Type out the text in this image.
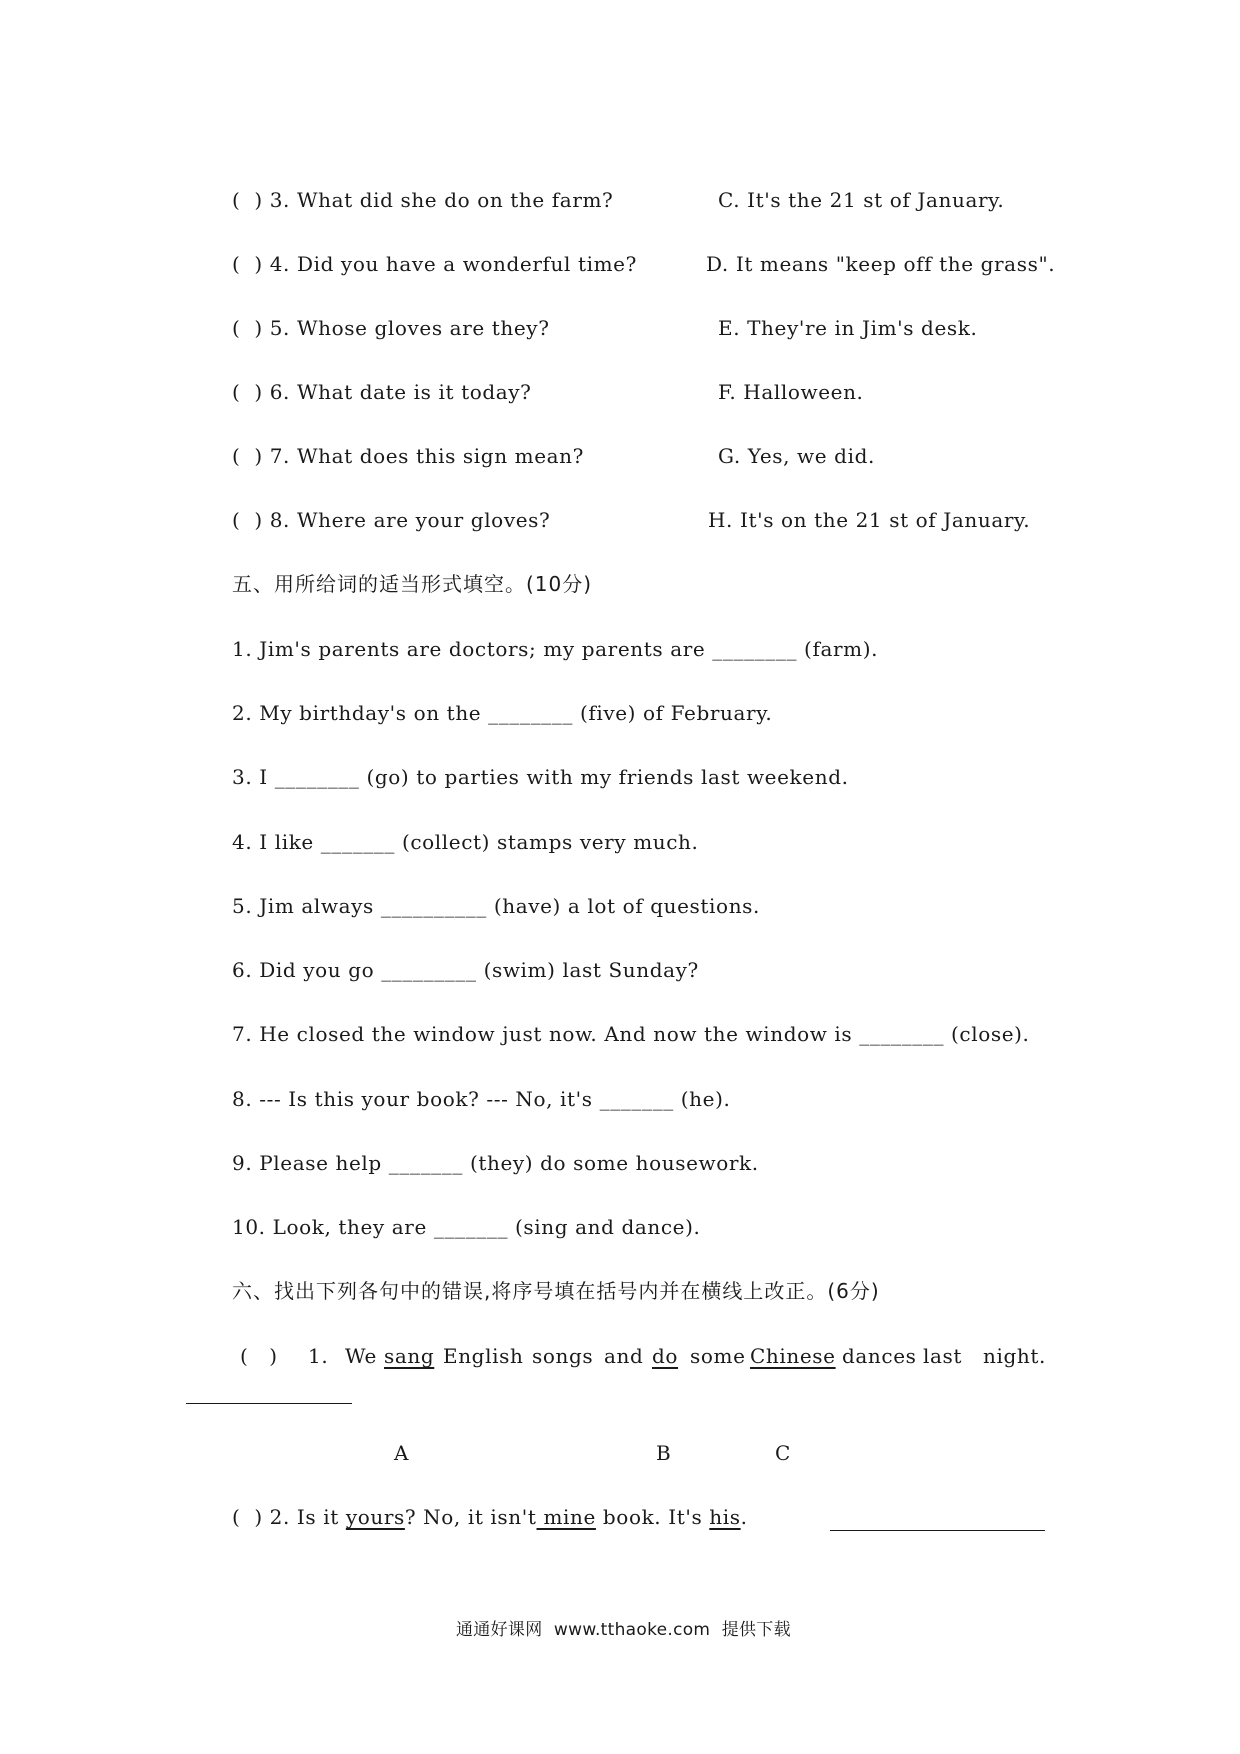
(  ) 3. What did she do on the farm?	C. It's the 21 st of January.
(  ) 4. Did you have a wonderful time?	D. It means "keep off the grass".
(  ) 5. Whose gloves are they?	E. They're in Jim's desk.
(  ) 6. What date is it today?	F. Halloween.
(  ) 7. What does this sign mean?	G. Yes, we did.
(  ) 8. Where are your gloves?	H. It's on the 21 st of January.
五、用所给词的适当形式填空。(10分)
1. Jim's parents are doctors; my parents are ________ (farm).
2. My birthday's on the ________ (five) of February.
3. I ________ (go) to parties with my friends last weekend.
4. I like _______ (collect) stamps very much.
5. Jim always __________ (have) a lot of questions.
6. Did you go _________ (swim) last Sunday?
7. He closed the window just now. And now the window is ________ (close).
8. --- Is this your book? --- No, it's _______ (he).
9. Please help _______ (they) do some housework.
10. Look, they are _______ (sing and dance).
六、找出下列各句中的错误,将序号填在括号内并在横线上改正。(6分)
(   ) 1. We sang English songs and do some Chinese dances last night.
A	B	C
(  ) 2. Is it yours? No, it isn't mine book. It's his.
通通好课网  www.tthaoke.com  提供下载
